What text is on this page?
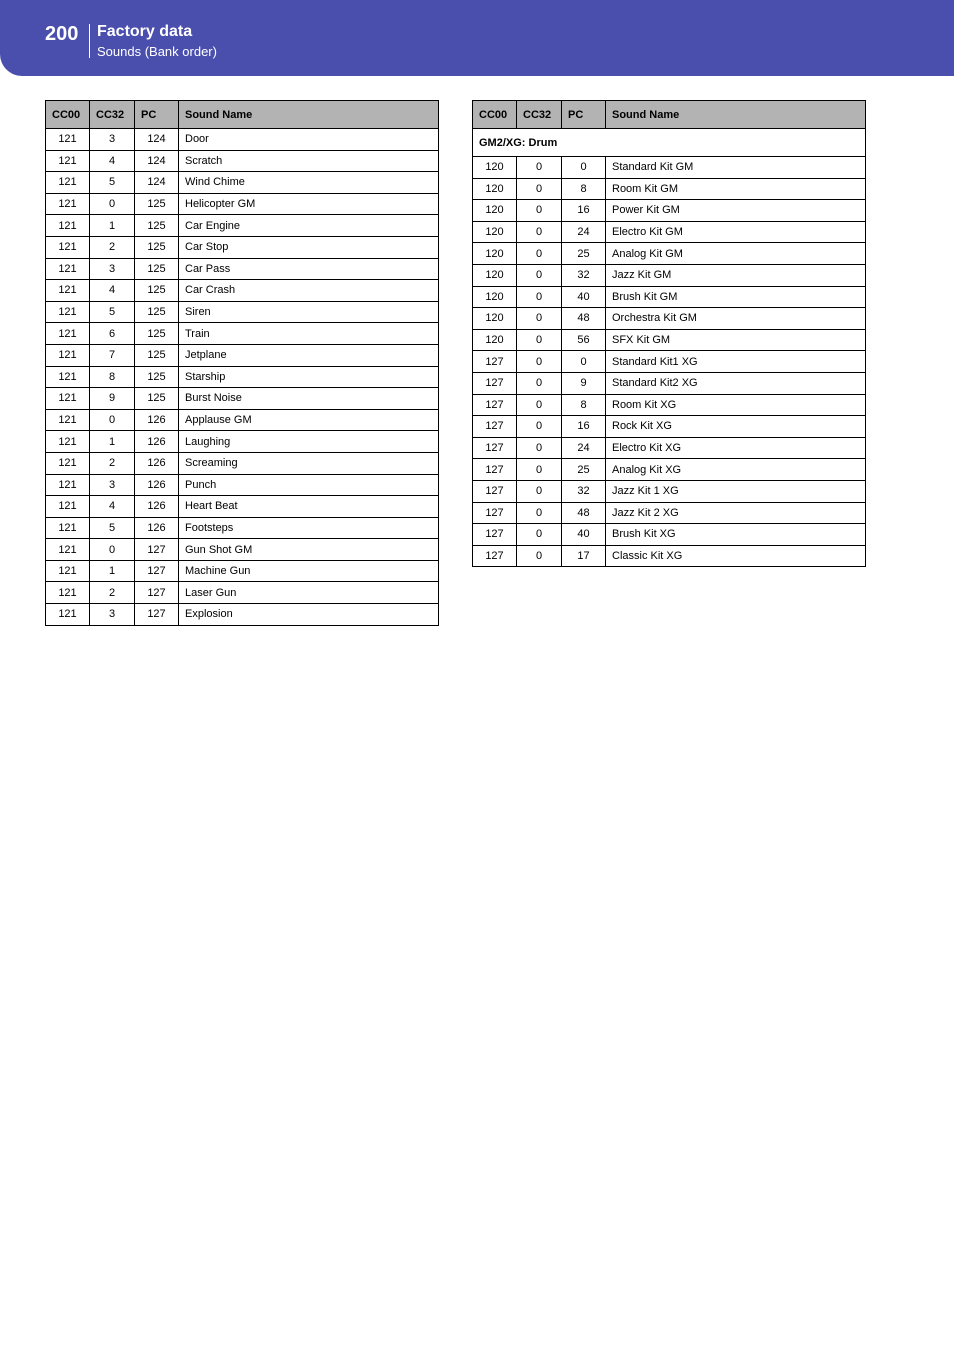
200	Factory data
Sounds (Bank order)
CC00	CC32	PC	Sound Name
121	3	124	Door
121	4	124	Scratch
121	5	124	Wind Chime
121	0	125	Helicopter GM
121	1	125	Car Engine
121	2	125	Car Stop
121	3	125	Car Pass
121	4	125	Car Crash
121	5	125	Siren
121	6	125	Train
121	7	125	Jetplane
121	8	125	Starship
121	9	125	Burst Noise
121	0	126	Applause GM
121	1	126	Laughing
121	2	126	Screaming
121	3	126	Punch
121	4	126	Heart Beat
121	5	126	Footsteps
121	0	127	Gun Shot GM
121	1	127	Machine Gun
121	2	127	Laser Gun
121	3	127	Explosion
CC00	CC32	PC	Sound Name
GM2/XG: Drum			
120	0	0	Standard Kit GM
120	0	8	Room Kit GM
120	0	16	Power Kit GM
120	0	24	Electro Kit GM
120	0	25	Analog Kit GM
120	0	32	Jazz Kit GM
120	0	40	Brush Kit GM
120	0	48	Orchestra Kit GM
120	0	56	SFX Kit GM
127	0	0	Standard Kit1 XG
127	0	9	Standard Kit2 XG
127	0	8	Room Kit XG
127	0	16	Rock Kit XG
127	0	24	Electro Kit XG
127	0	25	Analog Kit XG
127	0	32	Jazz Kit 1 XG
127	0	48	Jazz Kit 2 XG
127	0	40	Brush Kit XG
127	0	17	Classic Kit XG
